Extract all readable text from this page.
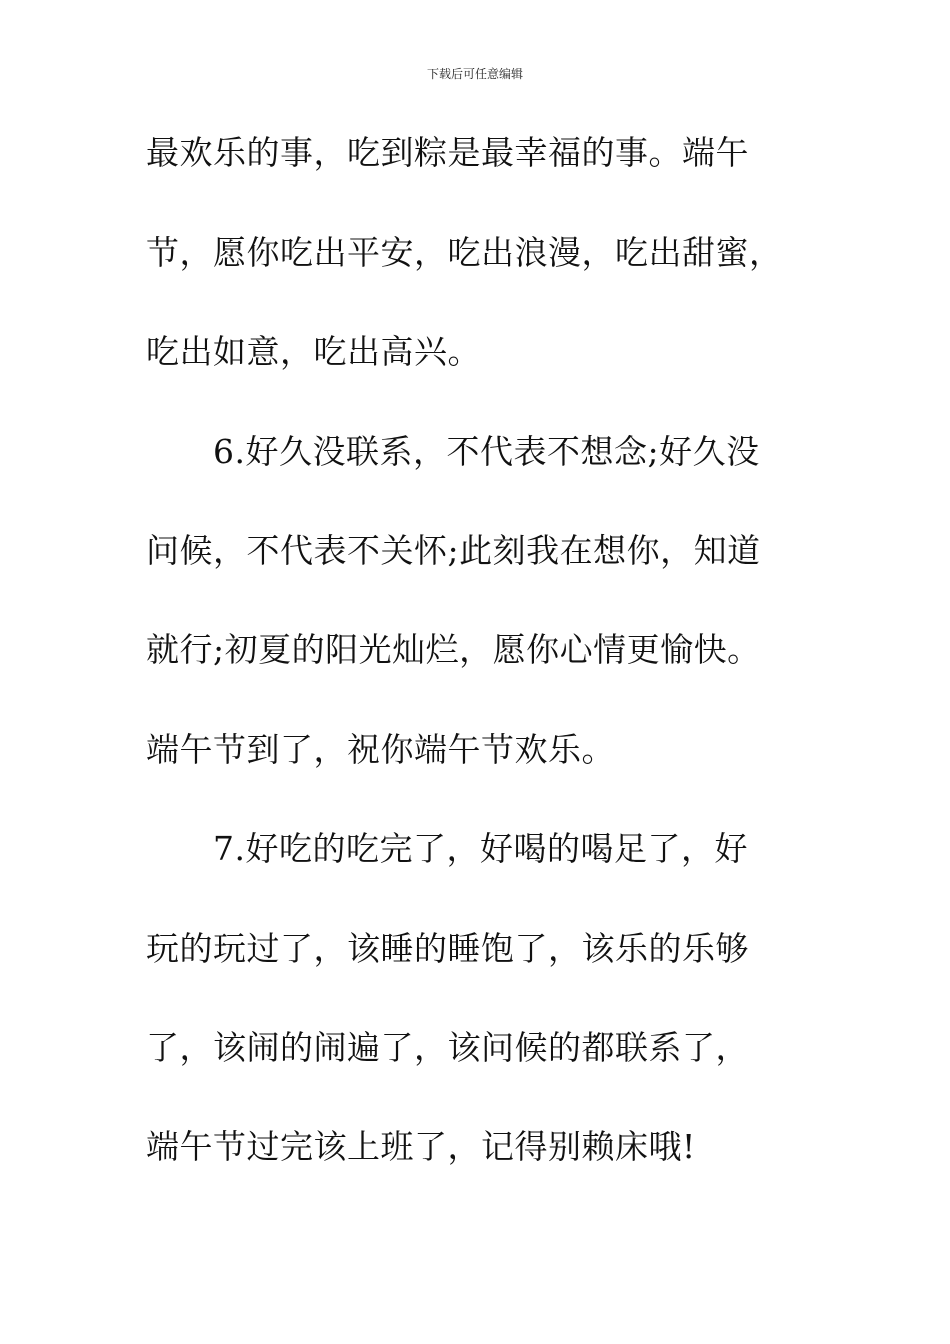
下载后可任意编辑
最欢乐的事，吃到粽是最幸福的事。端午
节，愿你吃出平安，吃出浪漫，吃出甜蜜，
吃出如意，吃出高兴。
6.好久没联系，不代表不想念;好久没
问候，不代表不关怀;此刻我在想你，知道
就行;初夏的阳光灿烂，愿你心情更愉快。
端午节到了，祝你端午节欢乐。
7.好吃的吃完了，好喝的喝足了，好
玩的玩过了，该睡的睡饱了，该乐的乐够
了，该闹的闹遍了，该问候的都联系了，
端午节过完该上班了，记得别赖床哦!
